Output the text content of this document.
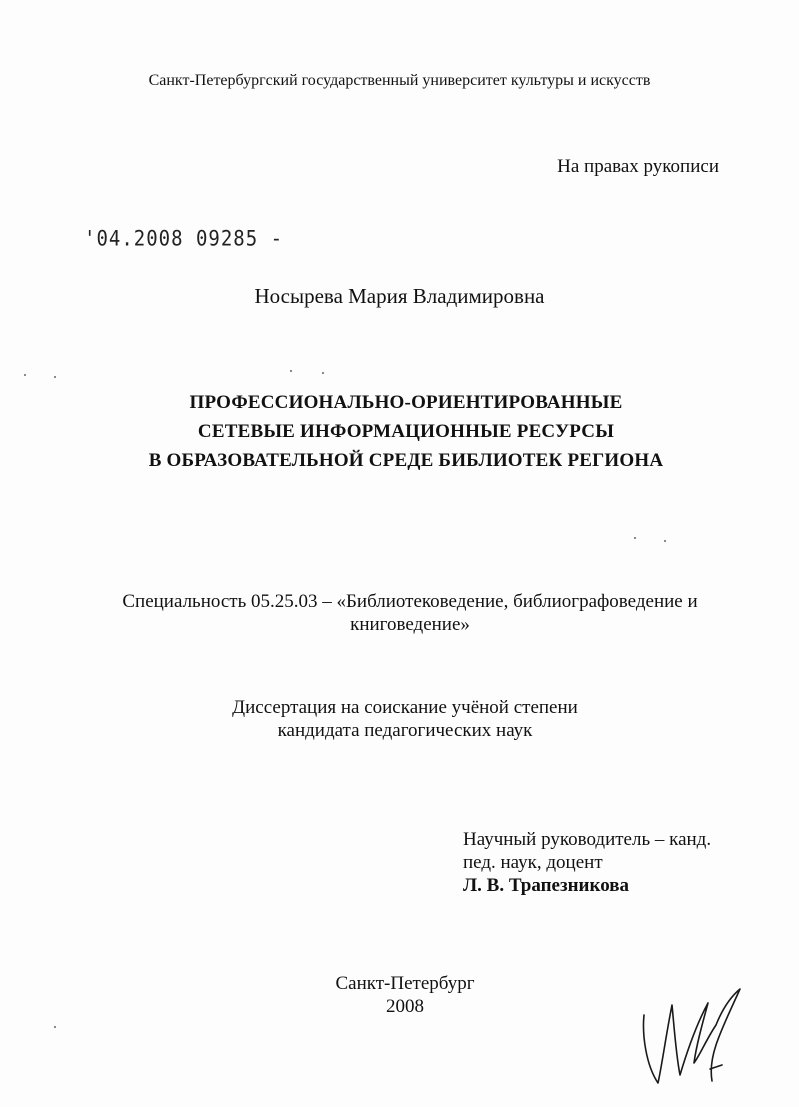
Санкт-Петербургский государственный университет культуры и искусств
На правах рукописи
'04.2008 09285 -
Носырева Мария Владимировна
ПРОФЕССИОНАЛЬНО-ОРИЕНТИРОВАННЫЕ
СЕТЕВЫЕ ИНФОРМАЦИОННЫЕ РЕСУРСЫ
В ОБРАЗОВАТЕЛЬНОЙ СРЕДЕ БИБЛИОТЕК РЕГИОНА
Специальность 05.25.03 – «Библиотековедение, библиографоведение и
книговедение»
Диссертация на соискание учёной степени
кандидата педагогических наук
Научный руководитель – канд.
пед. наук, доцент
Л. В. Трапезникова
Санкт-Петербург
2008
